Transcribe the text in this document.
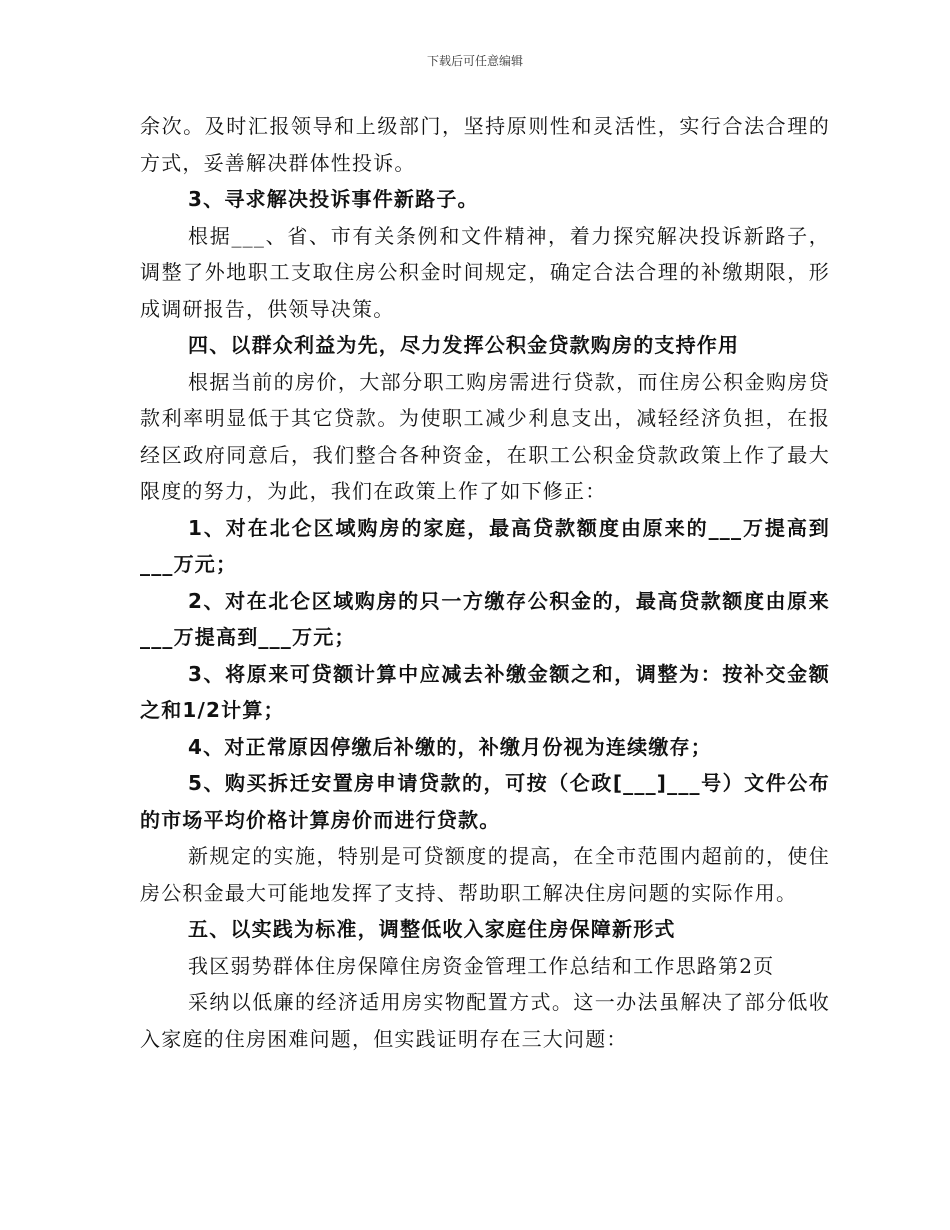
下载后可任意编辑

余次。及时汇报领导和上级部门，坚持原则性和灵活性，实行合法合理的方式，妥善解决群体性投诉。

3、寻求解决投诉事件新路子。

根据___、省、市有关条例和文件精神，着力探究解决投诉新路子，调整了外地职工支取住房公积金时间规定，确定合法合理的补缴期限，形成调研报告，供领导决策。

四、以群众利益为先，尽力发挥公积金贷款购房的支持作用

根据当前的房价，大部分职工购房需进行贷款，而住房公积金购房贷款利率明显低于其它贷款。为使职工减少利息支出，减轻经济负担，在报经区政府同意后，我们整合各种资金，在职工公积金贷款政策上作了最大限度的努力，为此，我们在政策上作了如下修正：

1、对在北仑区域购房的家庭，最高贷款额度由原来的___万提高到___万元；

2、对在北仑区域购房的只一方缴存公积金的，最高贷款额度由原来___万提高到___万元；

3、将原来可贷额计算中应减去补缴金额之和，调整为：按补交金额之和1/2计算；

4、对正常原因停缴后补缴的，补缴月份视为连续缴存；

5、购买拆迁安置房申请贷款的，可按（仑政[___]___号）文件公布的市场平均价格计算房价而进行贷款。

新规定的实施，特别是可贷额度的提高，在全市范围内超前的，使住房公积金最大可能地发挥了支持、帮助职工解决住房问题的实际作用。

五、以实践为标准，调整低收入家庭住房保障新形式

我区弱势群体住房保障住房资金管理工作总结和工作思路第2页

采纳以低廉的经济适用房实物配置方式。这一办法虽解决了部分低收入家庭的住房困难问题，但实践证明存在三大问题：
